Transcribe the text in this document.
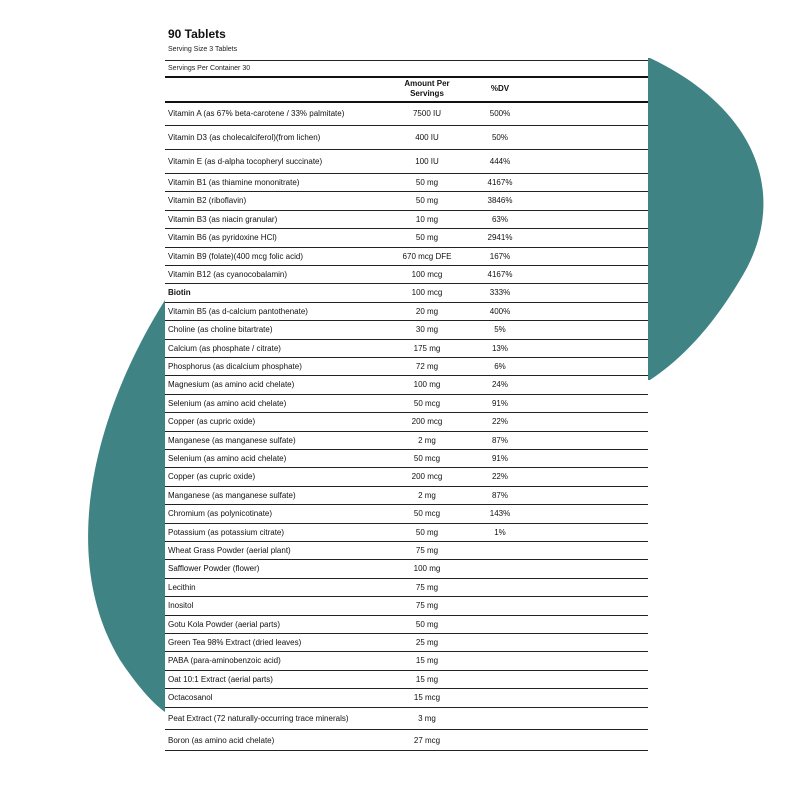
90 Tablets
Serving Size 3 Tablets
Servings Per Container 30
Amount Per
Servings
%DV
Vitamin A (as 67% beta-carotene / 33% palmitate)	7500 IU	500%
Vitamin D3 (as cholecalciferol)(from lichen)	400 IU	50%
Vitamin E (as d-alpha tocopheryl succinate)	100 IU	444%
Vitamin B1 (as thiamine mononitrate)	50 mg	4167%
Vitamin B2 (riboflavin)	50 mg	3846%
Vitamin B3 (as niacin granular)	10 mg	63%
Vitamin B6 (as pyridoxine HCl)	50 mg	2941%
Vitamin B9 (folate)(400 mcg folic acid)	670 mcg DFE	167%
Vitamin B12 (as cyanocobalamin)	100 mcg	4167%
Biotin	100 mcg	333%
Vitamin B5 (as d-calcium pantothenate)	20 mg	400%
Choline (as choline bitartrate)	30 mg	5%
Calcium (as phosphate / citrate)	175 mg	13%
Phosphorus (as dicalcium phosphate)	72 mg	6%
Magnesium (as amino acid chelate)	100 mg	24%
Selenium (as amino acid chelate)	50 mcg	91%
Copper (as cupric oxide)	200 mcg	22%
Manganese (as manganese sulfate)	2 mg	87%
Selenium (as amino acid chelate)	50 mcg	91%
Copper (as cupric oxide)	200 mcg	22%
Manganese (as manganese sulfate)	2 mg	87%
Chromium (as polynicotinate)	50 mcg	143%
Potassium (as potassium citrate)	50 mg	1%
Wheat Grass Powder (aerial plant)	75 mg
Safflower Powder (flower)	100 mg
Lecithin	75 mg
Inositol	75 mg
Gotu Kola Powder (aerial parts)	50 mg
Green Tea 98% Extract (dried leaves)	25 mg
PABA (para-aminobenzoic acid)	15 mg
Oat 10:1 Extract (aerial parts)	15 mg
Octacosanol	15 mcg
Peat Extract (72 naturally-occurring trace minerals)	3 mg
Boron (as amino acid chelate)	27 mcg
